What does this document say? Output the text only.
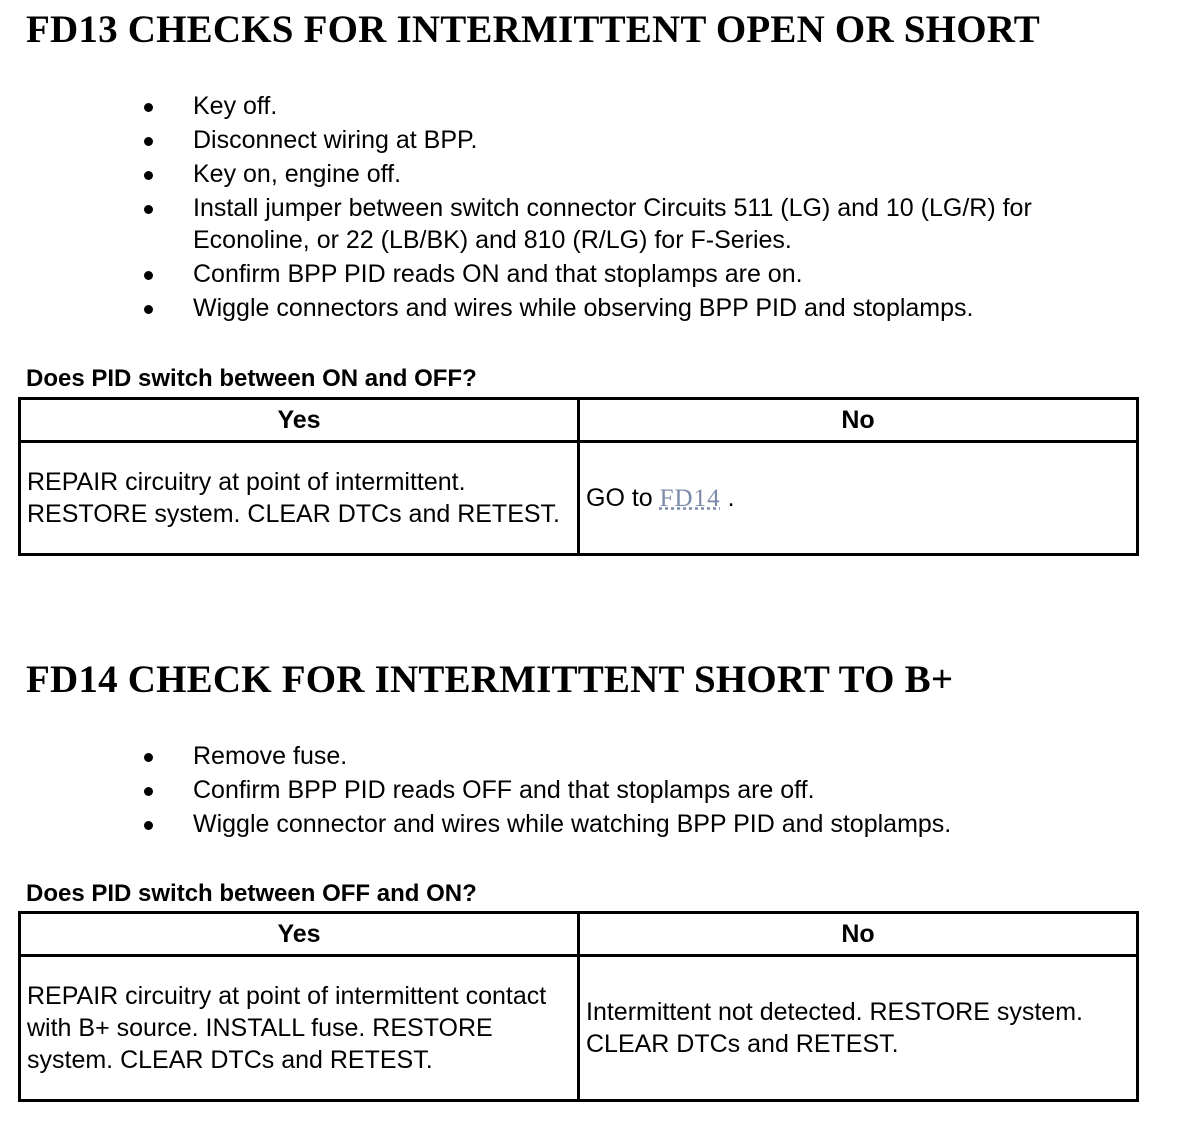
FD13 CHECKS FOR INTERMITTENT OPEN OR SHORT
Key off.
Disconnect wiring at BPP.
Key on, engine off.
Install jumper between switch connector Circuits 511 (LG) and 10 (LG/R) for Econoline, or 22 (LB/BK) and 810 (R/LG) for F-Series.
Confirm BPP PID reads ON and that stoplamps are on.
Wiggle connectors and wires while observing BPP PID and stoplamps.

Does PID switch between ON and OFF?

Yes	No
REPAIR circuitry at point of intermittent. RESTORE system. CLEAR DTCs and RETEST.	GO to FD14 .
FD14 CHECK FOR INTERMITTENT SHORT TO B+
Remove fuse.
Confirm BPP PID reads OFF and that stoplamps are off.
Wiggle connector and wires while watching BPP PID and stoplamps.

Does PID switch between OFF and ON?

Yes	No
REPAIR circuitry at point of intermittent contact with B+ source. INSTALL fuse. RESTORE system. CLEAR DTCs and RETEST.	Intermittent not detected. RESTORE system. CLEAR DTCs and RETEST.
